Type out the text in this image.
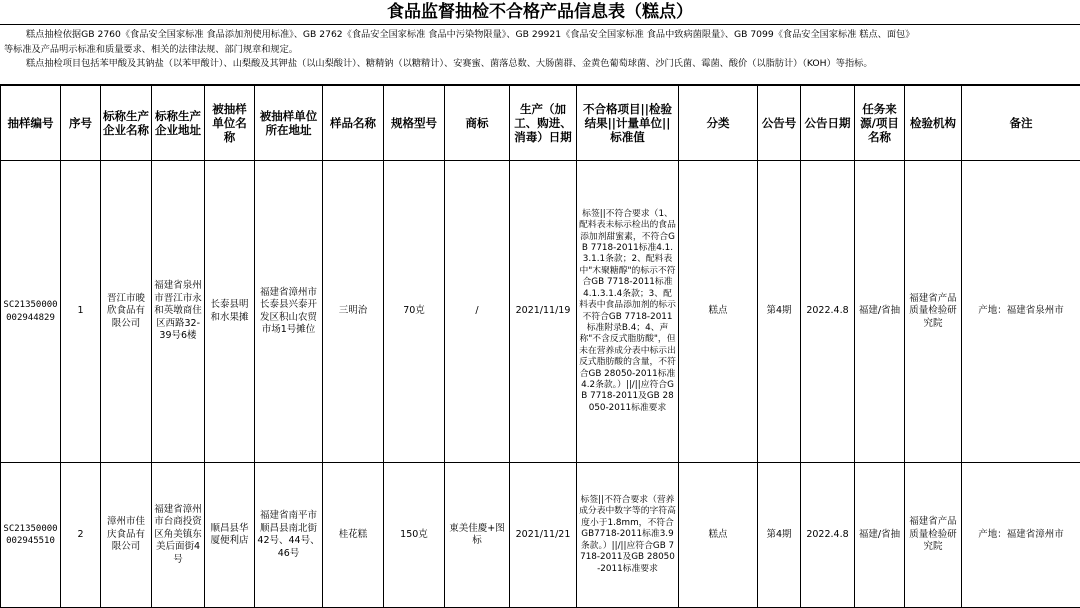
食品监督抽检不合格产品信息表（糕点）
糕点抽检依据GB 2760《食品安全国家标准 食品添加剂使用标准》、GB 2762《食品安全国家标准 食品中污染物限量》、GB 29921《食品安全国家标准 食品中致病菌限量》、GB 7099《食品安全国家标准 糕点、面包》
等标准及产品明示标准和质量要求、相关的法律法规、部门规章和规定。
糕点抽检项目包括苯甲酸及其钠盐（以苯甲酸计）、山梨酸及其钾盐（以山梨酸计）、糖精钠（以糖精计）、安赛蜜、菌落总数、大肠菌群、金黄色葡萄球菌、沙门氏菌、霉菌、酸价（以脂肪计）（KOH）等指标。
抽样编号	序号	标称生产企业名称	标称生产企业地址	被抽样单位名称	被抽样单位所在地址	样品名称	规格型号	商标	生产（加工、购进、消毒）日期	不合格项目||检验结果||计量单位||标准值	分类	公告号	公告日期	任务来源/项目名称	检验机构	备注
SC21350000002944829	1	晋江市晙欣食品有限公司	福建省泉州市晋江市永和英墩商住区西路32-39号6楼	长泰县明和水果摊	福建省漳州市长泰县兴泰开发区积山农贸市场1号摊位	三明治	70克	/	2021/11/19	标签||不符合要求（1、配料表未标示检出的食品添加剂甜蜜素，不符合GB 7718-2011标准4.1.3.1.1条款；2、配料表中"木聚糖醇"的标示不符合GB 7718-2011标准4.1.3.1.4条款；3、配料表中食品添加剂的标示不符合GB 7718-2011标准附录B.4；4、声称"不含反式脂肪酸"，但未在营养成分表中标示出反式脂肪酸的含量，不符合GB 28050-2011标准4.2条款。）||/||应符合GB 7718-2011及GB 28050-2011标准要求	糕点	第4期	2022.4.8	福建/省抽	福建省产品质量检验研究院	产地：福建省泉州市
SC21350000002945510	2	漳州市佳庆食品有限公司	福建省漳州市台商投资区角美镇东美后面街4号	顺昌县华厦便利店	福建省南平市顺昌县南北街42号、44号、46号	桂花糕	150克	東美佳慶+图标	2021/11/21	标签||不符合要求（营养成分表中数字等的字符高度小于1.8mm，不符合GB7718-2011标准3.9条款。）||/||应符合GB 7718-2011及GB 28050-2011标准要求	糕点	第4期	2022.4.8	福建/省抽	福建省产品质量检验研究院	产地：福建省漳州市
